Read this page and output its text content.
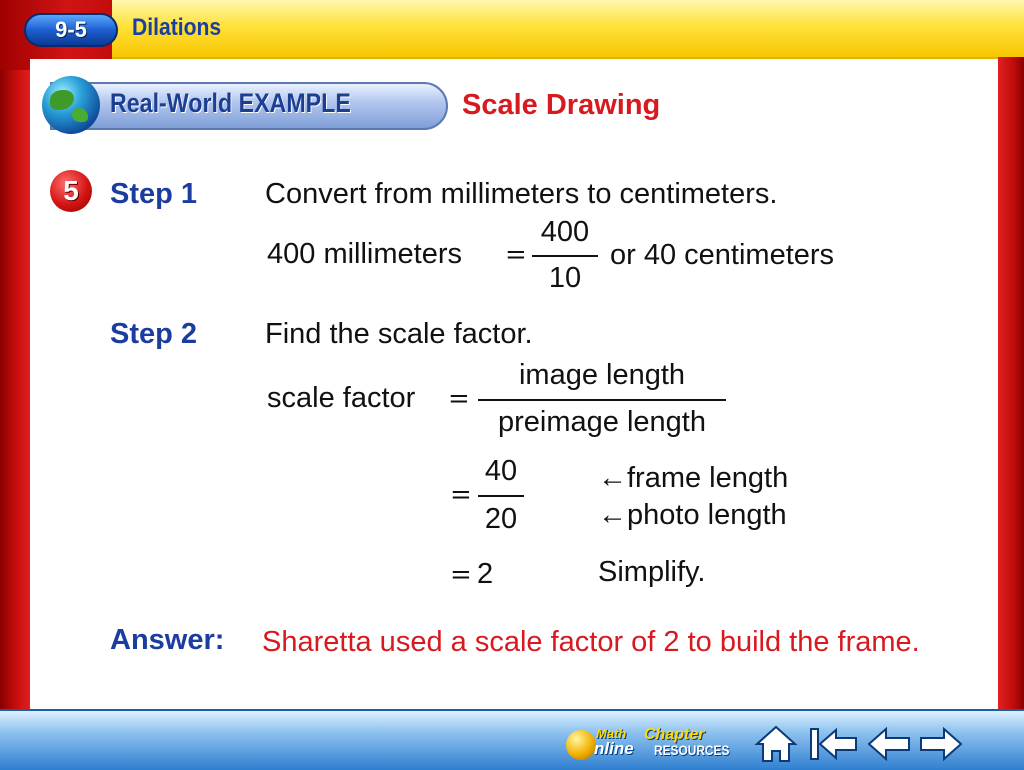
9-5	Dilations
Real-World EXAMPLE	Scale Drawing
5	Step 1 Convert from millimeters to centimeters.
400 millimeters =
400
10
or 40 centimeters
Step 2 Find the scale factor.
scale factor =
image length
preimage length
=
40
20
←frame length
←photo length
= 2	Simplify.
Answer: Sharetta used a scale factor of 2 to build the frame.
Math
nline
Chapter
RESOURCES
